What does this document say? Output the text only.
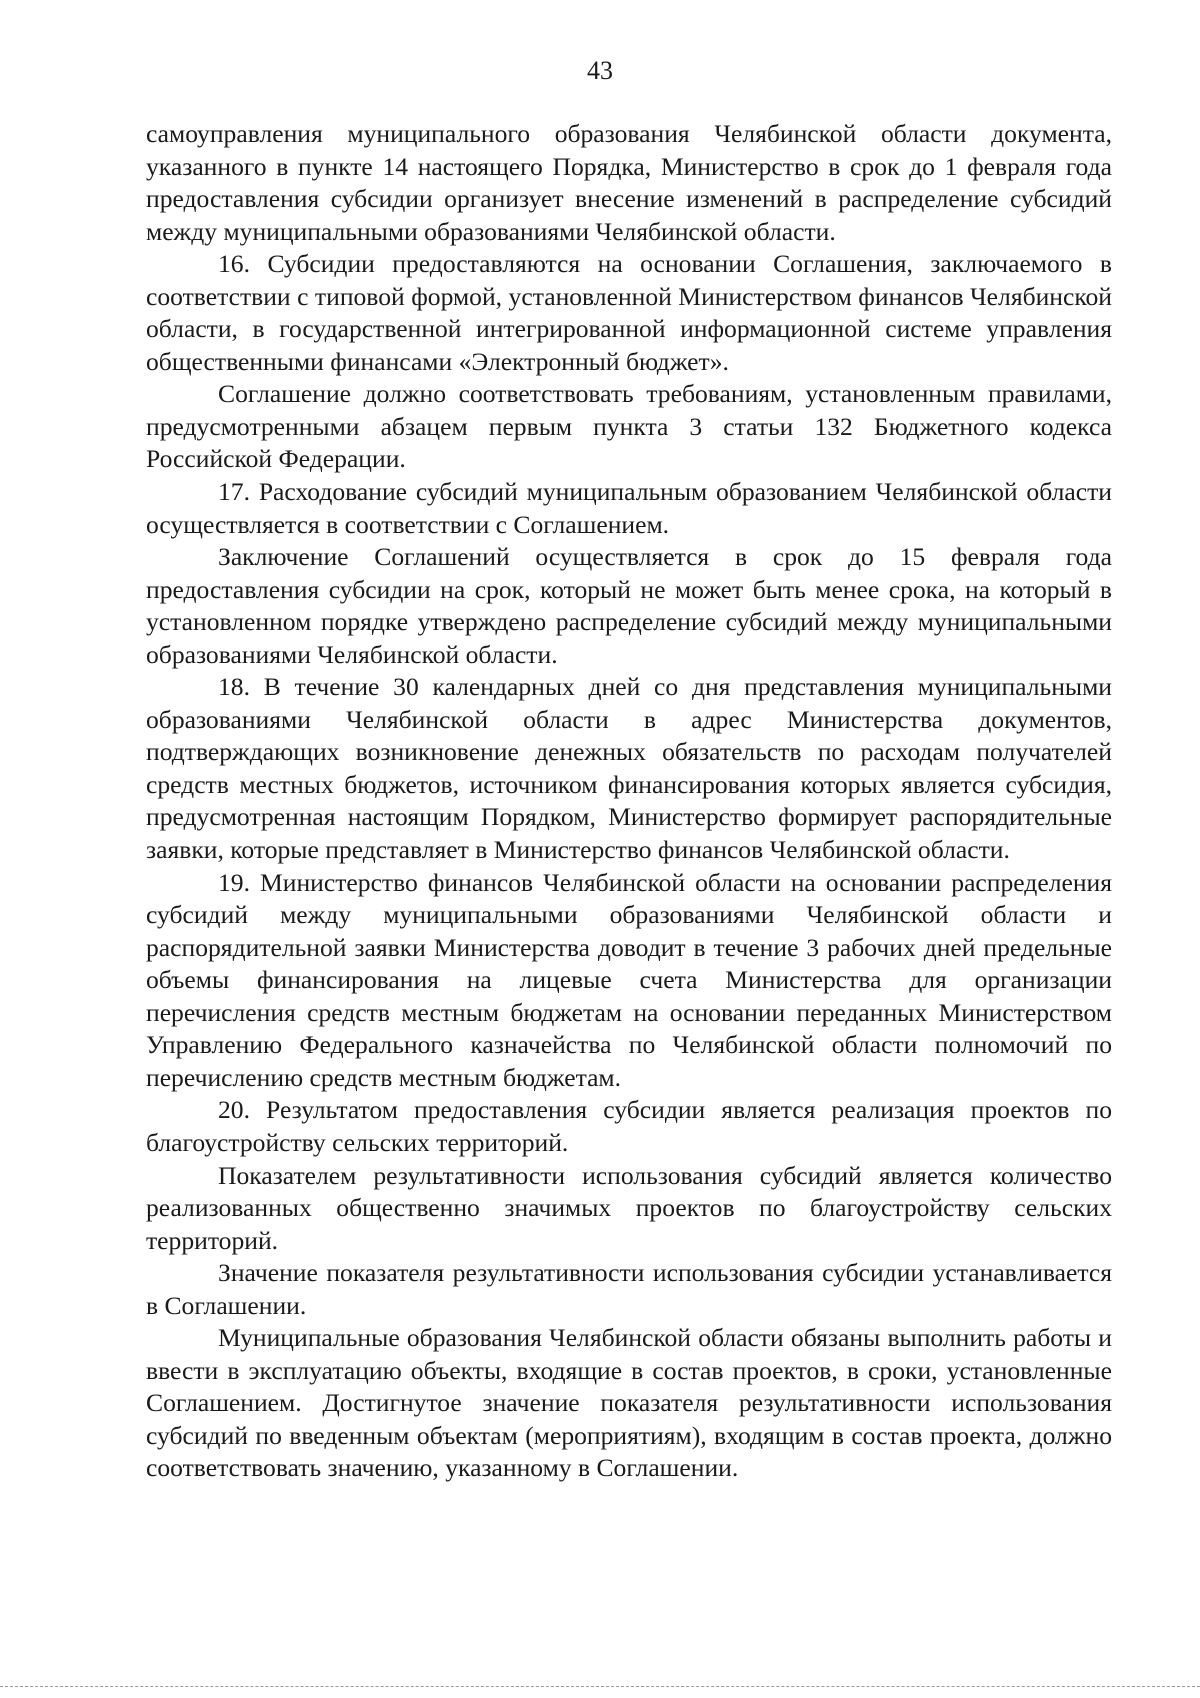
43

самоуправления муниципального образования Челябинской области документа, указанного в пункте 14 настоящего Порядка, Министерство в срок до 1 февраля года предоставления субсидии организует внесение изменений в распределение субсидий между муниципальными образованиями Челябинской области.

16. Субсидии предоставляются на основании Соглашения, заключаемого в соответствии с типовой формой, установленной Министерством финансов Челябинской области, в государственной интегрированной информационной системе управления общественными финансами «Электронный бюджет».

Соглашение должно соответствовать требованиям, установленным правилами, предусмотренными абзацем первым пункта 3 статьи 132 Бюджетного кодекса Российской Федерации.

17. Расходование субсидий муниципальным образованием Челябинской области осуществляется в соответствии с Соглашением.

Заключение Соглашений осуществляется в срок до 15 февраля года предоставления субсидии на срок, который не может быть менее срока, на который в установленном порядке утверждено распределение субсидий между муниципальными образованиями Челябинской области.

18. В течение 30 календарных дней со дня представления муниципальными образованиями Челябинской области в адрес Министерства документов, подтверждающих возникновение денежных обязательств по расходам получателей средств местных бюджетов, источником финансирования которых является субсидия, предусмотренная настоящим Порядком, Министерство формирует распорядительные заявки, которые представляет в Министерство финансов Челябинской области.

19. Министерство финансов Челябинской области на основании распределения субсидий между муниципальными образованиями Челябинской области и распорядительной заявки Министерства доводит в течение 3 рабочих дней предельные объемы финансирования на лицевые счета Министерства для организации перечисления средств местным бюджетам на основании переданных Министерством Управлению Федерального казначейства по Челябинской области полномочий по перечислению средств местным бюджетам.

20. Результатом предоставления субсидии является реализация проектов по благоустройству сельских территорий.

Показателем результативности использования субсидий является количество реализованных общественно значимых проектов по благоустройству сельских территорий.

Значение показателя результативности использования субсидии устанавливается в Соглашении.

Муниципальные образования Челябинской области обязаны выполнить работы и ввести в эксплуатацию объекты, входящие в состав проектов, в сроки, установленные Соглашением. Достигнутое значение показателя результативности использования субсидий по введенным объектам (мероприятиям), входящим в состав проекта, должно соответствовать значению, указанному в Соглашении.
